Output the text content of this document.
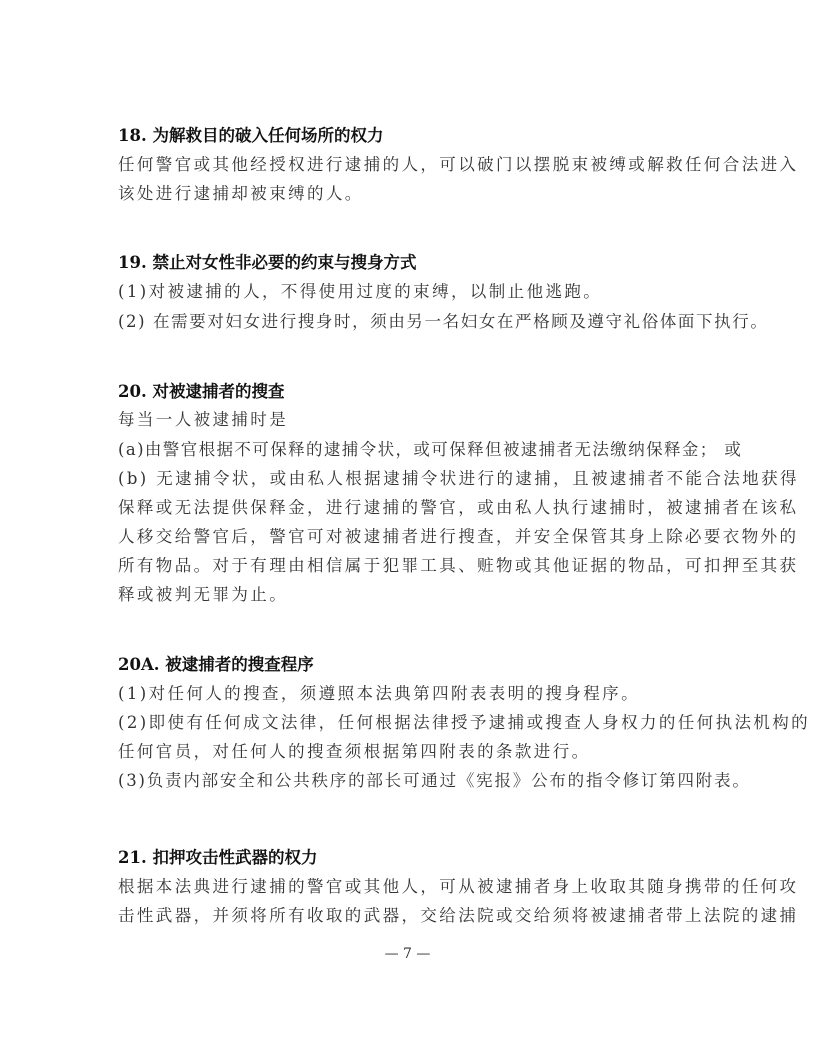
18. 为解救目的破入任何场所的权力
任何警官或其他经授权进行逮捕的人，可以破门以摆脱束被缚或解救任何合法进入
该处进行逮捕却被束缚的人。
19. 禁止对女性非必要的约束与搜身方式
(1)对被逮捕的人，不得使用过度的束缚，以制止他逃跑。
(2) 在需要对妇女进行搜身时，须由另一名妇女在严格顾及遵守礼俗体面下执行。
20. 对被逮捕者的搜查
每当一人被逮捕时是
(a)由警官根据不可保释的逮捕令状，或可保释但被逮捕者无法缴纳保释金； 或
(b) 无逮捕令状，或由私人根据逮捕令状进行的逮捕，且被逮捕者不能合法地获得
保释或无法提供保释金，进行逮捕的警官，或由私人执行逮捕时，被逮捕者在该私
人移交给警官后，警官可对被逮捕者进行搜查，并安全保管其身上除必要衣物外的
所有物品。对于有理由相信属于犯罪工具、赃物或其他证据的物品，可扣押至其获
释或被判无罪为止。
20A. 被逮捕者的搜查程序
(1)对任何人的搜查，须遵照本法典第四附表表明的搜身程序。
(2)即使有任何成文法律，任何根据法律授予逮捕或搜查人身权力的任何执法机构的
任何官员，对任何人的搜查须根据第四附表的条款进行。
(3)负责内部安全和公共秩序的部长可通过《宪报》公布的指令修订第四附表。
21. 扣押攻击性武器的权力
根据本法典进行逮捕的警官或其他人，可从被逮捕者身上收取其随身携带的任何攻
击性武器，并须将所有收取的武器，交给法院或交给须将被逮捕者带上法院的逮捕
— 7 —
